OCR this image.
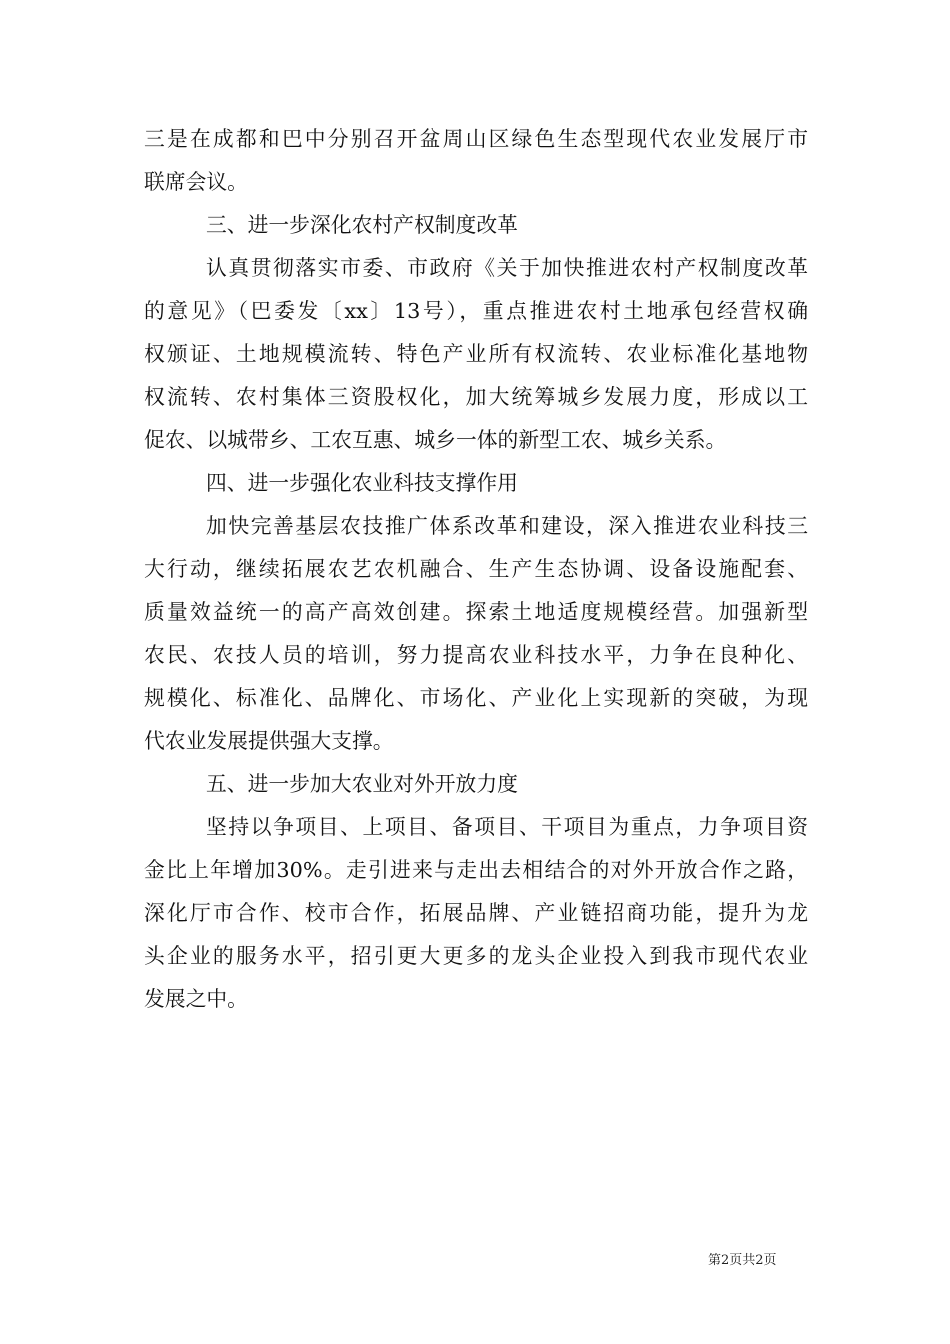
三是在成都和巴中分别召开盆周山区绿色生态型现代农业发展厅市
联席会议。
三、进一步深化农村产权制度改革
认真贯彻落实市委、市政府《关于加快推进农村产权制度改革
的意见》（巴委发〔xx〕13号），重点推进农村土地承包经营权确
权颁证、土地规模流转、特色产业所有权流转、农业标准化基地物
权流转、农村集体三资股权化，加大统筹城乡发展力度，形成以工
促农、以城带乡、工农互惠、城乡一体的新型工农、城乡关系。
四、进一步强化农业科技支撑作用
加快完善基层农技推广体系改革和建设，深入推进农业科技三
大行动，继续拓展农艺农机融合、生产生态协调、设备设施配套、
质量效益统一的高产高效创建。探索土地适度规模经营。加强新型
农民、农技人员的培训，努力提高农业科技水平，力争在良种化、
规模化、标准化、品牌化、市场化、产业化上实现新的突破，为现
代农业发展提供强大支撑。
五、进一步加大农业对外开放力度
坚持以争项目、上项目、备项目、干项目为重点，力争项目资
金比上年增加30%。走引进来与走出去相结合的对外开放合作之路，
深化厅市合作、校市合作，拓展品牌、产业链招商功能，提升为龙
头企业的服务水平，招引更大更多的龙头企业投入到我市现代农业
发展之中。
第2页共2页
